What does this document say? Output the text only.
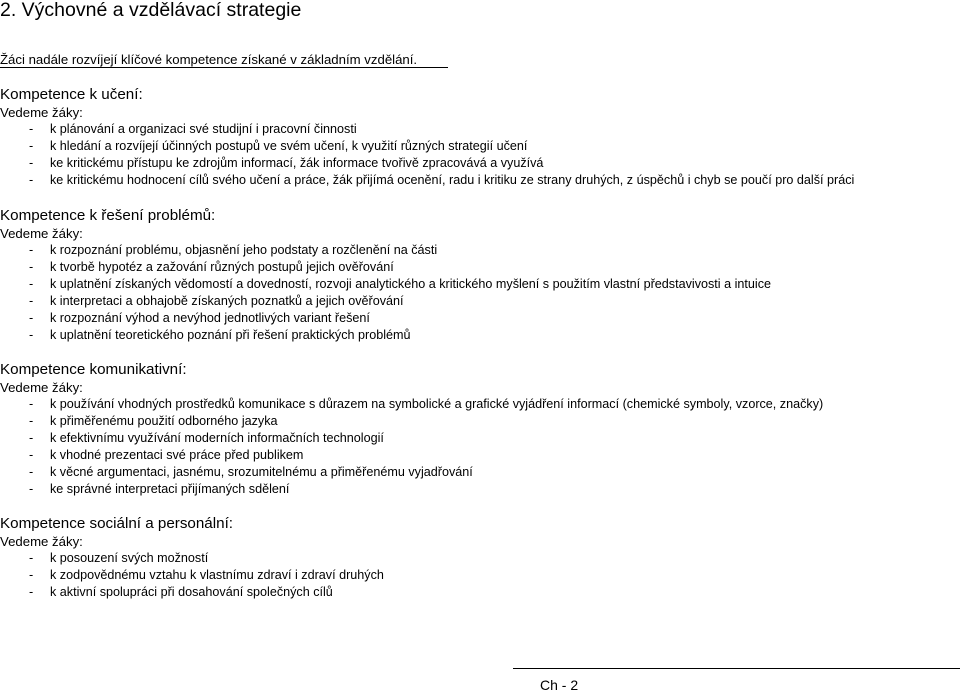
2. Výchovné a vzdělávací strategie
Žáci nadále rozvíjejí klíčové kompetence získané v základním vzdělání.
Kompetence k učení:
Vedeme žáky:
- k plánování a organizaci své studijní i pracovní činnosti
- k hledání a rozvíjejí účinných postupů ve svém učení, k využití různých strategií učení
- ke kritickému přístupu ke zdrojům informací, žák informace tvořivě zpracovává a využívá
- ke kritickému hodnocení cílů svého učení a práce, žák přijímá ocenění, radu i kritiku ze strany druhých, z úspěchů i chyb se poučí pro další práci
Kompetence k řešení problémů:
Vedeme žáky:
- k rozpoznání problému, objasnění jeho podstaty a rozčlenění na části
- k tvorbě hypotéz a zažování různých postupů jejich ověřování
- k uplatnění získaných vědomostí a dovedností, rozvoji analytického a kritického myšlení s použitím vlastní představivosti a intuice
- k interpretaci a obhajobě získaných poznatků a jejich ověřování
- k rozpoznání výhod a nevýhod jednotlivých variant řešení
- k uplatnění teoretického poznání při řešení praktických problémů
Kompetence komunikativní:
Vedeme žáky:
- k používání vhodných prostředků komunikace s důrazem na symbolické a grafické vyjádření informací (chemické symboly, vzorce, značky)
- k přiměřenému použití odborného jazyka
- k efektivnímu využívání moderních informačních technologií
- k vhodné prezentaci své práce před publikem
- k věcné argumentaci, jasnému, srozumitelnému a přiměřenému vyjadřování
- ke správné interpretaci přijímaných sdělení
Kompetence sociální a personální:
Vedeme žáky:
- k posouzení svých možností
- k zodpovědnému vztahu k vlastnímu zdraví i zdraví druhých
- k aktivní spolupráci při dosahování společných cílů
Ch - 2
